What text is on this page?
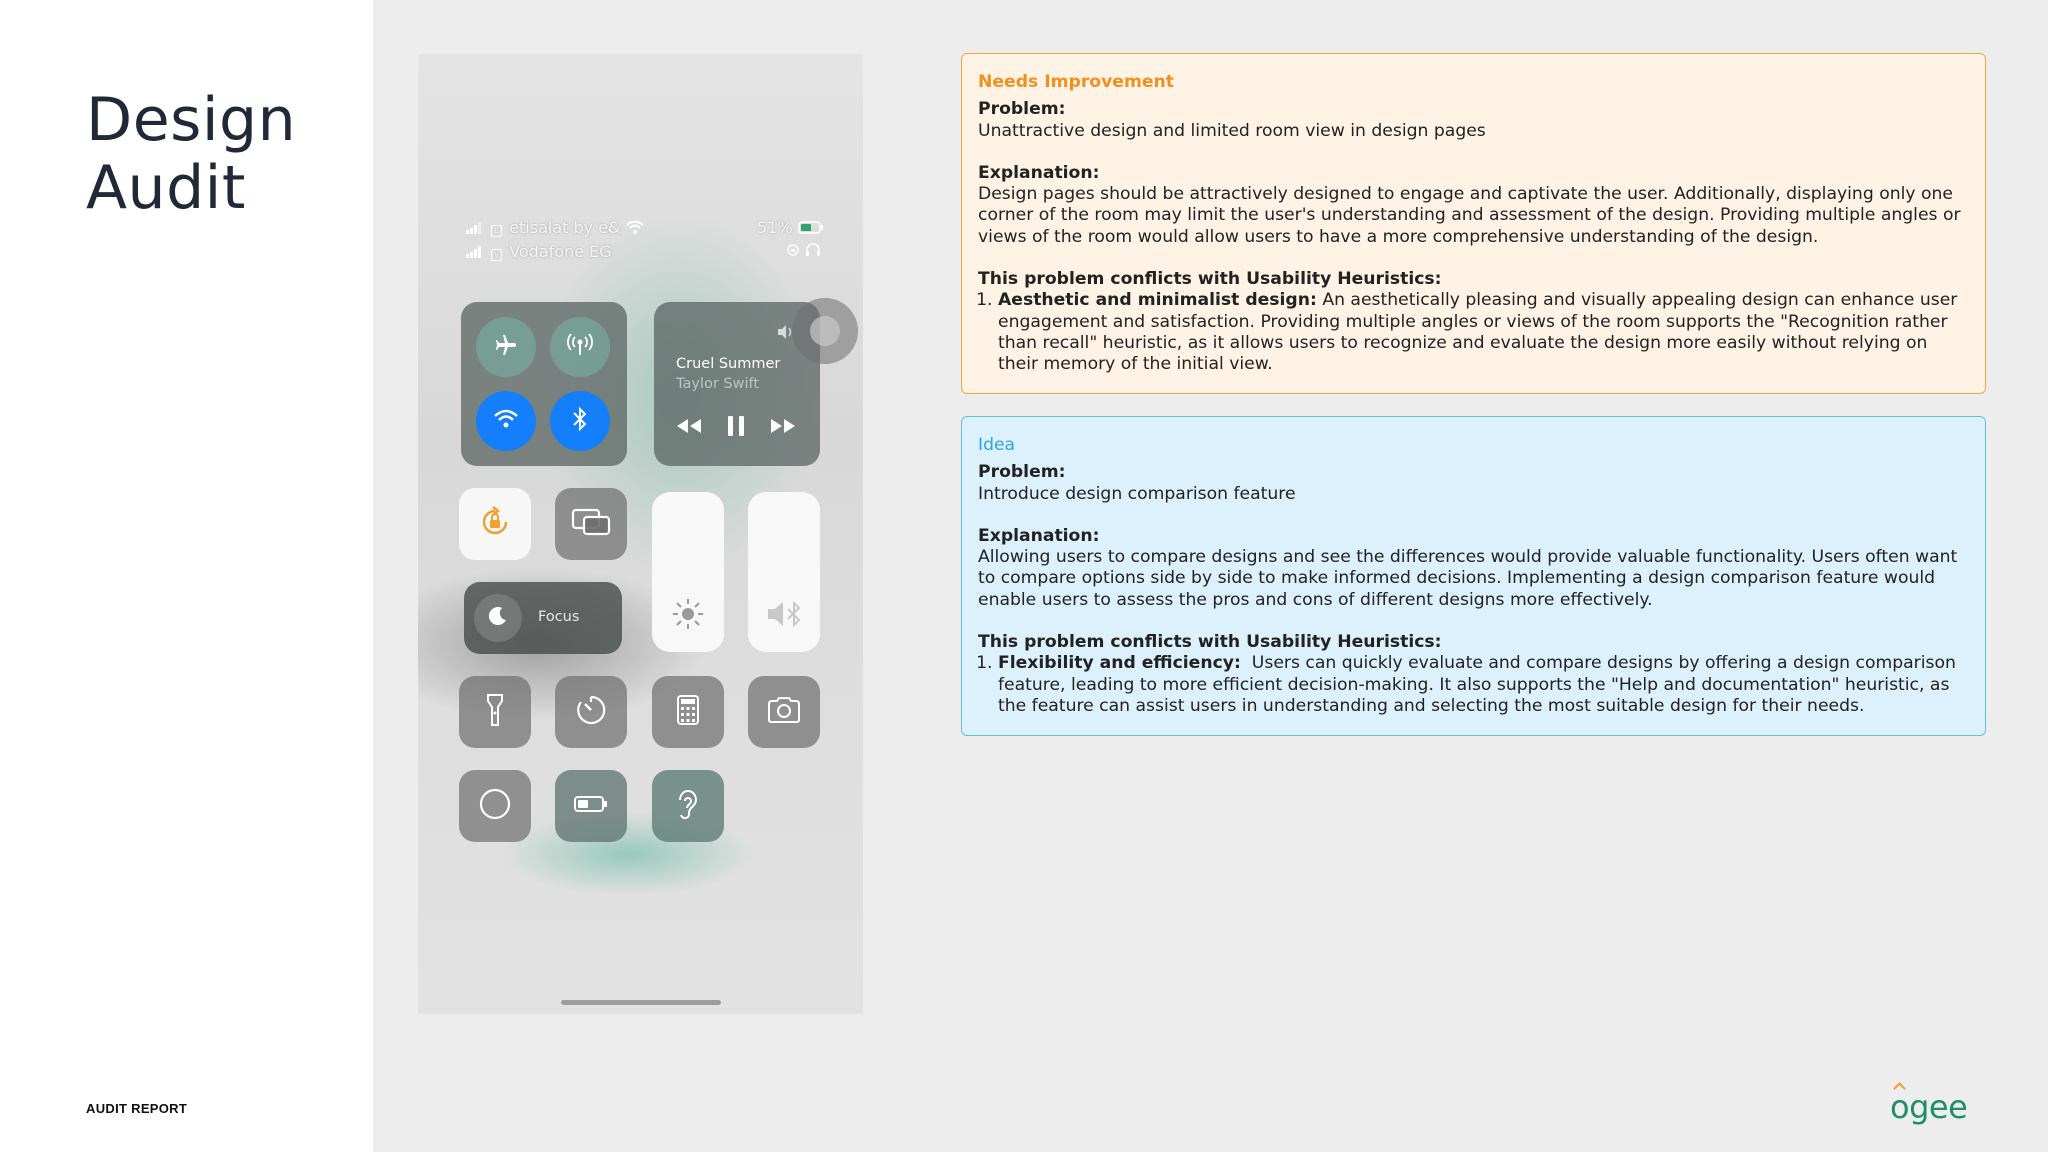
Design
Audit
AUDIT REPORT
E etisalat by e&
V Vodafone EG
51%

Cruel Summer
Taylor Swift
Focus
Needs Improvement
Problem:
Unattractive design and limited room view in design pages
Explanation:
Design pages should be attractively designed to engage and captivate the user. Additionally, displaying only one corner of the room may limit the user's understanding and assessment of the design. Providing multiple angles or views of the room would allow users to have a more comprehensive understanding of the design.
This problem conflicts with Usability Heuristics:
1. Aesthetic and minimalist design: An aesthetically pleasing and visually appealing design can enhance user engagement and satisfaction. Providing multiple angles or views of the room supports the "Recognition rather than recall" heuristic, as it allows users to recognize and evaluate the design more easily without relying on their memory of the initial view.
Idea
Problem:
Introduce design comparison feature
Explanation:
Allowing users to compare designs and see the differences would provide valuable functionality. Users often want to compare options side by side to make informed decisions. Implementing a design comparison feature would enable users to assess the pros and cons of different designs more effectively.
This problem conflicts with Usability Heuristics:
1. Flexibility and efficiency: Users can quickly evaluate and compare designs by offering a design comparison feature, leading to more efficient decision-making. It also supports the "Help and documentation" heuristic, as the feature can assist users in understanding and selecting the most suitable design for their needs.
ogee
